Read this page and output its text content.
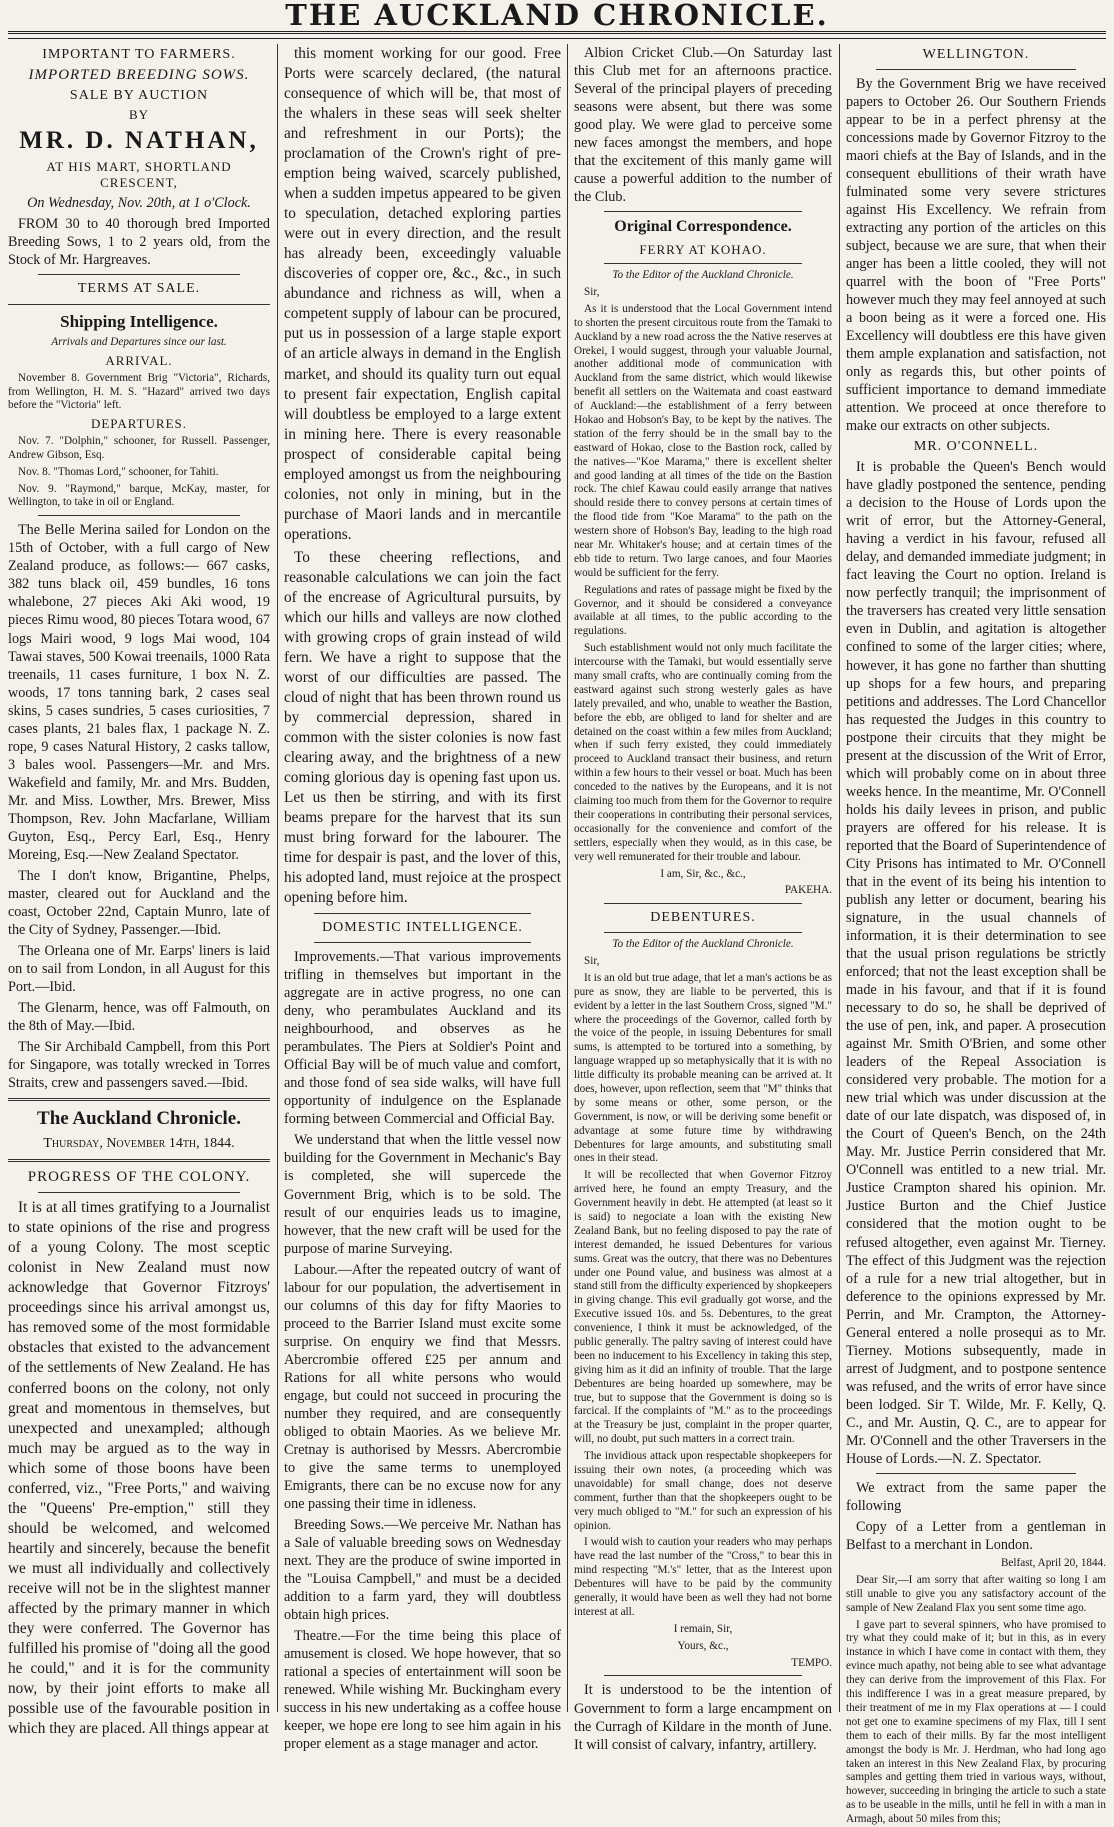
THE AUCKLAND CHRONICLE.

IMPORTANT TO FARMERS.

IMPORTED BREEDING SOWS.

SALE BY AUCTION

BY

MR. D. NATHAN,

AT HIS MART, SHORTLAND CRESCENT,

On Wednesday, Nov. 20th, at 1 o'Clock.

FROM 30 to 40 thorough bred Imported Breeding Sows, 1 to 2 years old, from the Stock of Mr. Hargreaves.

TERMS AT SALE.

Shipping Intelligence.

Arrivals and Departures since our last.

ARRIVAL.

November 8. Government Brig "Victoria", Richards, from Wellington, H. M. S. "Hazard" arrived two days before the "Victoria" left.

DEPARTURES.

Nov. 7. "Dolphin," schooner, for Russell. Passenger, Andrew Gibson, Esq.

Nov. 8. "Thomas Lord," schooner, for Tahiti.

Nov. 9. "Raymond," barque, McKay, master, for Wellington, to take in oil or England.

The Belle Merina sailed for London on the 15th of October, with a full cargo of New Zealand produce, as follows:— 667 casks, 382 tuns black oil, 459 bundles, 16 tons whalebone, 27 pieces Aki Aki wood, 19 pieces Rimu wood, 80 pieces Totara wood, 67 logs Mairi wood, 9 logs Mai wood, 104 Tawai staves, 500 Kowai treenails, 1000 Rata treenails, 11 cases furniture, 1 box N. Z. woods, 17 tons tanning bark, 2 cases seal skins, 5 cases sundries, 5 cases curiosities, 7 cases plants, 21 bales flax, 1 package N. Z. rope, 9 cases Natural History, 2 casks tallow, 3 bales wool. Passengers—Mr. and Mrs. Wakefield and family, Mr. and Mrs. Budden, Mr. and Miss. Lowther, Mrs. Brewer, Miss Thompson, Rev. John Macfarlane, William Guyton, Esq., Percy Earl, Esq., Henry Moreing, Esq.—New Zealand Spectator.

The I don't know, Brigantine, Phelps, master, cleared out for Auckland and the coast, October 22nd, Captain Munro, late of the City of Sydney, Passenger.—Ibid.

The Orleana one of Mr. Earps' liners is laid on to sail from London, in all August for this Port.—Ibid.

The Glenarm, hence, was off Falmouth, on the 8th of May.—Ibid.

The Sir Archibald Campbell, from this Port for Singapore, was totally wrecked in Torres Straits, crew and passengers saved.—Ibid.

The Auckland Chronicle.

Thursday, November 14th, 1844.

PROGRESS OF THE COLONY.

It is at all times gratifying to a Journalist to state opinions of the rise and progress of a young Colony. The most sceptic colonist in New Zealand must now acknowledge that Governor Fitzroys' proceedings since his arrival amongst us, has removed some of the most formidable obstacles that existed to the advancement of the settlements of New Zealand. He has conferred boons on the colony, not only great and momentous in themselves, but unexpected and unexampled; although much may be argued as to the way in which some of those boons have been conferred, viz., "Free Ports," and waiving the "Queens' Pre-emption," still they should be welcomed, and welcomed heartily and sincerely, because the benefit we must all individually and collectively receive will not be in the slightest manner affected by the primary manner in which they were conferred. The Governor has fulfilled his promise of "doing all the good he could," and it is for the community now, by their joint efforts to make all possible use of the favourable position in which they are placed. All things appear at

this moment working for our good. Free Ports were scarcely declared, (the natural consequence of which will be, that most of the whalers in these seas will seek shelter and refreshment in our Ports); the proclamation of the Crown's right of pre-emption being waived, scarcely published, when a sudden impetus appeared to be given to speculation, detached exploring parties were out in every direction, and the result has already been, exceedingly valuable discoveries of copper ore, &c., &c., in such abundance and richness as will, when a competent supply of labour can be procured, put us in possession of a large staple export of an article always in demand in the English market, and should its quality turn out equal to present fair expectation, English capital will doubtless be employed to a large extent in mining here. There is every reasonable prospect of considerable capital being employed amongst us from the neighbouring colonies, not only in mining, but in the purchase of Maori lands and in mercantile operations.

To these cheering reflections, and reasonable calculations we can join the fact of the encrease of Agricultural pursuits, by which our hills and valleys are now clothed with growing crops of grain instead of wild fern. We have a right to suppose that the worst of our difficulties are passed. The cloud of night that has been thrown round us by commercial depression, shared in common with the sister colonies is now fast clearing away, and the brightness of a new coming glorious day is opening fast upon us. Let us then be stirring, and with its first beams prepare for the harvest that its sun must bring forward for the labourer. The time for despair is past, and the lover of this, his adopted land, must rejoice at the prospect opening before him.

DOMESTIC INTELLIGENCE.

Improvements.—That various improvements trifling in themselves but important in the aggregate are in active progress, no one can deny, who perambulates Auckland and its neighbourhood, and observes as he perambulates. The Piers at Soldier's Point and Official Bay will be of much value and comfort, and those fond of sea side walks, will have full opportunity of indulgence on the Esplanade forming between Commercial and Official Bay.

We understand that when the little vessel now building for the Government in Mechanic's Bay is completed, she will supercede the Government Brig, which is to be sold. The result of our enquiries leads us to imagine, however, that the new craft will be used for the purpose of marine Surveying.

Labour.—After the repeated outcry of want of labour for our population, the advertisement in our columns of this day for fifty Maories to proceed to the Barrier Island must excite some surprise. On enquiry we find that Messrs. Abercrombie offered £25 per annum and Rations for all white persons who would engage, but could not succeed in procuring the number they required, and are consequently obliged to obtain Maories. As we believe Mr. Cretnay is authorised by Messrs. Abercrombie to give the same terms to unemployed Emigrants, there can be no excuse now for any one passing their time in idleness.

Breeding Sows.—We perceive Mr. Nathan has a Sale of valuable breeding sows on Wednesday next. They are the produce of swine imported in the "Louisa Campbell," and must be a decided addition to a farm yard, they will doubtless obtain high prices.

Theatre.—For the time being this place of amusement is closed. We hope however, that so rational a species of entertainment will soon be renewed. While wishing Mr. Buckingham every success in his new undertaking as a coffee house keeper, we hope ere long to see him again in his proper element as a stage manager and actor.

Albion Cricket Club.—On Saturday last this Club met for an afternoons practice. Several of the principal players of preceding seasons were absent, but there was some good play. We were glad to perceive some new faces amongst the members, and hope that the excitement of this manly game will cause a powerful addition to the number of the Club.

Original Correspondence.

FERRY AT KOHAO.

To the Editor of the Auckland Chronicle.

Sir,

As it is understood that the Local Government intend to shorten the present circuitous route from the Tamaki to Auckland by a new road across the the Native reserves at Orekei, I would suggest, through your valuable Journal, another additional mode of communication with Auckland from the same district, which would likewise benefit all settlers on the Waitemata and coast eastward of Auckland:—the establishment of a ferry between Hokao and Hobson's Bay, to be kept by the natives. The station of the ferry should be in the small bay to the eastward of Hokao, close to the Bastion rock, called by the natives—"Koe Marama," there is excellent shelter and good landing at all times of the tide on the Bastion rock. The chief Kawau could easily arrange that natives should reside there to convey persons at certain times of the flood tide from "Koe Marama" to the path on the western shore of Hobson's Bay, leading to the high road near Mr. Whitaker's house; and at certain times of the ebb tide to return. Two large canoes, and four Maories would be sufficient for the ferry.

Regulations and rates of passage might be fixed by the Governor, and it should be considered a conveyance available at all times, to the public according to the regulations.

Such establishment would not only much facilitate the intercourse with the Tamaki, but would essentially serve many small crafts, who are continually coming from the eastward against such strong westerly gales as have lately prevailed, and who, unable to weather the Bastion, before the ebb, are obliged to land for shelter and are detained on the coast within a few miles from Auckland; when if such ferry existed, they could immediately proceed to Auckland transact their business, and return within a few hours to their vessel or boat. Much has been conceded to the natives by the Europeans, and it is not claiming too much from them for the Governor to require their cooperations in contributing their personal services, occasionally for the convenience and comfort of the settlers, especially when they would, as in this case, be very well remunerated for their trouble and labour.

I am, Sir, &c., &c.,

PAKEHA.

DEBENTURES.

To the Editor of the Auckland Chronicle.

Sir,

It is an old but true adage, that let a man's actions be as pure as snow, they are liable to be perverted, this is evident by a letter in the last Southern Cross, signed "M." where the proceedings of the Governor, called forth by the voice of the people, in issuing Debentures for small sums, is attempted to be tortured into a something, by language wrapped up so metaphysically that it is with no little difficulty its probable meaning can be arrived at. It does, however, upon reflection, seem that "M" thinks that by some means or other, some person, or the Government, is now, or will be deriving some benefit or advantage at some future time by withdrawing Debentures for large amounts, and substituting small ones in their stead.

It will be recollected that when Governor Fitzroy arrived here, he found an empty Treasury, and the Government heavily in debt. He attempted (at least so it is said) to negociate a loan with the existing New Zealand Bank, but no feeling disposed to pay the rate of interest demanded, he issued Debentures for various sums. Great was the outcry, that there was no Debentures under one Pound value, and business was almost at a stand still from the difficulty experienced by shopkeepers in giving change. This evil gradually got worse, and the Executive issued 10s. and 5s. Debentures, to the great convenience, I think it must be acknowledged, of the public generally. The paltry saving of interest could have been no inducement to his Excellency in taking this step, giving him as it did an infinity of trouble. That the large Debentures are being hoarded up somewhere, may be true, but to suppose that the Government is doing so is farcical. If the complaints of "M." as to the proceedings at the Treasury be just, complaint in the proper quarter, will, no doubt, put such matters in a correct train.

The invidious attack upon respectable shopkeepers for issuing their own notes, (a proceeding which was unavoidable) for small change, does not deserve comment, further than that the shopkeepers ought to be very much obliged to "M." for such an expression of his opinion.

I would wish to caution your readers who may perhaps have read the last number of the "Cross," to bear this in mind respecting "M.'s" letter, that as the Interest upon Debentures will have to be paid by the community generally, it would have been as well they had not borne interest at all.

I remain, Sir,

Yours, &c.,

TEMPO.

It is understood to be the intention of Government to form a large encampment on the Curragh of Kildare in the month of June. It will consist of calvary, infantry, artillery.

WELLINGTON.

By the Government Brig we have received papers to October 26. Our Southern Friends appear to be in a perfect phrensy at the concessions made by Governor Fitzroy to the maori chiefs at the Bay of Islands, and in the consequent ebullitions of their wrath have fulminated some very severe strictures against His Excellency. We refrain from extracting any portion of the articles on this subject, because we are sure, that when their anger has been a little cooled, they will not quarrel with the boon of "Free Ports" however much they may feel annoyed at such a boon being as it were a forced one. His Excellency will doubtless ere this have given them ample explanation and satisfaction, not only as regards this, but other points of sufficient importance to demand immediate attention. We proceed at once therefore to make our extracts on other subjects.

MR. O'CONNELL.

It is probable the Queen's Bench would have gladly postponed the sentence, pending a decision to the House of Lords upon the writ of error, but the Attorney-General, having a verdict in his favour, refused all delay, and demanded immediate judgment; in fact leaving the Court no option. Ireland is now perfectly tranquil; the imprisonment of the traversers has created very little sensation even in Dublin, and agitation is altogether confined to some of the larger cities; where, however, it has gone no farther than shutting up shops for a few hours, and preparing petitions and addresses. The Lord Chancellor has requested the Judges in this country to postpone their circuits that they might be present at the discussion of the Writ of Error, which will probably come on in about three weeks hence. In the meantime, Mr. O'Connell holds his daily levees in prison, and public prayers are offered for his release. It is reported that the Board of Superintendence of City Prisons has intimated to Mr. O'Connell that in the event of its being his intention to publish any letter or document, bearing his signature, in the usual channels of information, it is their determination to see that the usual prison regulations be strictly enforced; that not the least exception shall be made in his favour, and that if it is found necessary to do so, he shall be deprived of the use of pen, ink, and paper. A prosecution against Mr. Smith O'Brien, and some other leaders of the Repeal Association is considered very probable. The motion for a new trial which was under discussion at the date of our late dispatch, was disposed of, in the Court of Queen's Bench, on the 24th May. Mr. Justice Perrin considered that Mr. O'Connell was entitled to a new trial. Mr. Justice Crampton shared his opinion. Mr. Justice Burton and the Chief Justice considered that the motion ought to be refused altogether, even against Mr. Tierney. The effect of this Judgment was the rejection of a rule for a new trial altogether, but in deference to the opinions expressed by Mr. Perrin, and Mr. Crampton, the Attorney-General entered a nolle prosequi as to Mr. Tierney. Motions subsequently, made in arrest of Judgment, and to postpone sentence was refused, and the writs of error have since been lodged. Sir T. Wilde, Mr. F. Kelly, Q. C., and Mr. Austin, Q. C., are to appear for Mr. O'Connell and the other Traversers in the House of Lords.—N. Z. Spectator.

We extract from the same paper the following

Copy of a Letter from a gentleman in Belfast to a merchant in London.

Belfast, April 20, 1844.

Dear Sir,—I am sorry that after waiting so long I am still unable to give you any satisfactory account of the sample of New Zealand Flax you sent some time ago.

I gave part to several spinners, who have promised to try what they could make of it; but in this, as in every instance in which I have come in contact with them, they evince much apathy, not being able to see what advantage they can derive from the improvement of this Flax. For this indifference I was in a great measure prepared, by their treatment of me in my Flax operations at — I could not get one to examine specimens of my Flax, till I sent them to each of their mills. By far the most intelligent amongst the body is Mr. J. Herdman, who had long ago taken an interest in this New Zealand Flax, by procuring samples and getting them tried in various ways, without, however, succeeding in bringing the article to such a state as to be useable in the mills, until he fell in with a man in Armagh, about 50 miles from this;
